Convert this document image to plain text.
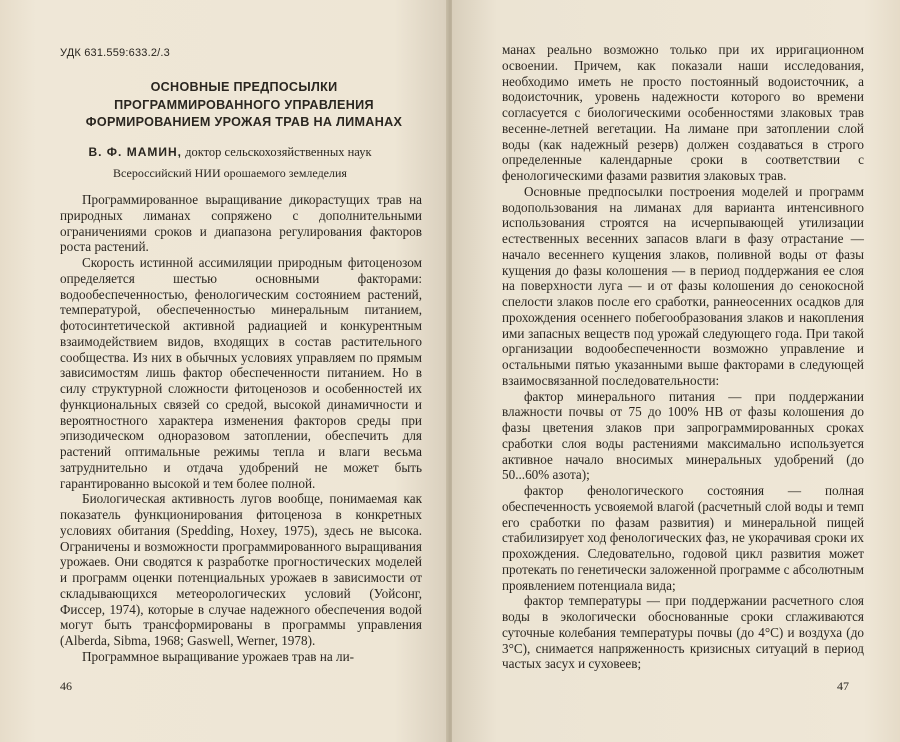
УДК 631.559:633.2/.3
ОСНОВНЫЕ ПРЕДПОСЫЛКИ
ПРОГРАММИРОВАННОГО УПРАВЛЕНИЯ
ФОРМИРОВАНИЕМ УРОЖАЯ ТРАВ НА ЛИМАНАХ
В. Ф. МАМИН, доктор сельскохозяйственных наук
Всероссийский НИИ орошаемого земледелия

Программированное выращивание дикорастущих трав на природных лиманах сопряжено с дополнительными ограничениями сроков и диапазона регулирования факторов роста растений.

Скорость истинной ассимиляции природным фитоценозом определяется шестью основными факторами: водообеспеченностью, фенологическим состоянием растений, температурой, обеспеченностью минеральным питанием, фотосинтетической активной радиацией и конкурентным взаимодействием видов, входящих в состав растительного сообщества. Из них в обычных условиях управляем по прямым зависимостям лишь фактор обеспеченности питанием. Но в силу структурной сложности фитоценозов и особенностей их функциональных связей со средой, высокой динамичности и вероятностного характера изменения факторов среды при эпизодическом одноразовом затоплении, обеспечить для растений оптимальные режимы тепла и влаги весьма затруднительно и отдача удобрений не может быть гарантированно высокой и тем более полной.

Биологическая активность лугов вообще, понимаемая как показатель функционирования фитоценоза в конкретных условиях обитания (Spedding, Hoxey, 1975), здесь не высока. Ограничены и возможности программированного выращивания урожаев. Они сводятся к разработке прогностических моделей и программ оценки потенциальных урожаев в зависимости от складывающихся метеорологических условий (Уойсонг, Фиссер, 1974), которые в случае надежного обеспечения водой могут быть трансформированы в программы управления (Alberda, Sibma, 1968; Gaswell, Werner, 1978).

Программное выращивание урожаев трав на ли-

46

манах реально возможно только при их ирригационном освоении. Причем, как показали наши исследования, необходимо иметь не просто постоянный водоисточник, а водоисточник, уровень надежности которого во времени согласуется с биологическими особенностями злаковых трав весенне-летней вегетации. На лимане при затоплении слой воды (как надежный резерв) должен создаваться в строго определенные календарные сроки в соответствии с фенологическими фазами развития злаковых трав.

Основные предпосылки построения моделей и программ водопользования на лиманах для варианта интенсивного использования строятся на исчерпывающей утилизации естественных весенних запасов влаги в фазу отрастание — начало весеннего кущения злаков, поливной воды от фазы кущения до фазы колошения — в период поддержания ее слоя на поверхности луга — и от фазы колошения до сенокосной спелости злаков после его сработки, раннеосенних осадков для прохождения осеннего побегообразования злаков и накопления ими запасных веществ под урожай следующего года. При такой организации водообеспеченности возможно управление и остальными пятью указанными выше факторами в следующей взаимосвязанной последовательности:

фактор минерального питания — при поддержании влажности почвы от 75 до 100% НВ от фазы колошения до фазы цветения злаков при запрограммированных сроках сработки слоя воды растениями максимально используется активное начало вносимых минеральных удобрений (до 50...60% азота);

фактор фенологического состояния — полная обеспеченность усвояемой влагой (расчетный слой воды и темп его сработки по фазам развития) и минеральной пищей стабилизирует ход фенологических фаз, не укорачивая сроки их прохождения. Следовательно, годовой цикл развития может протекать по генетически заложенной программе с абсолютным проявлением потенциала вида;

фактор температуры — при поддержании расчетного слоя воды в экологически обоснованные сроки сглаживаются суточные колебания температуры почвы (до 4°С) и воздуха (до 3°С), снимается напряженность кризисных ситуаций в период частых засух и суховеев;

47
